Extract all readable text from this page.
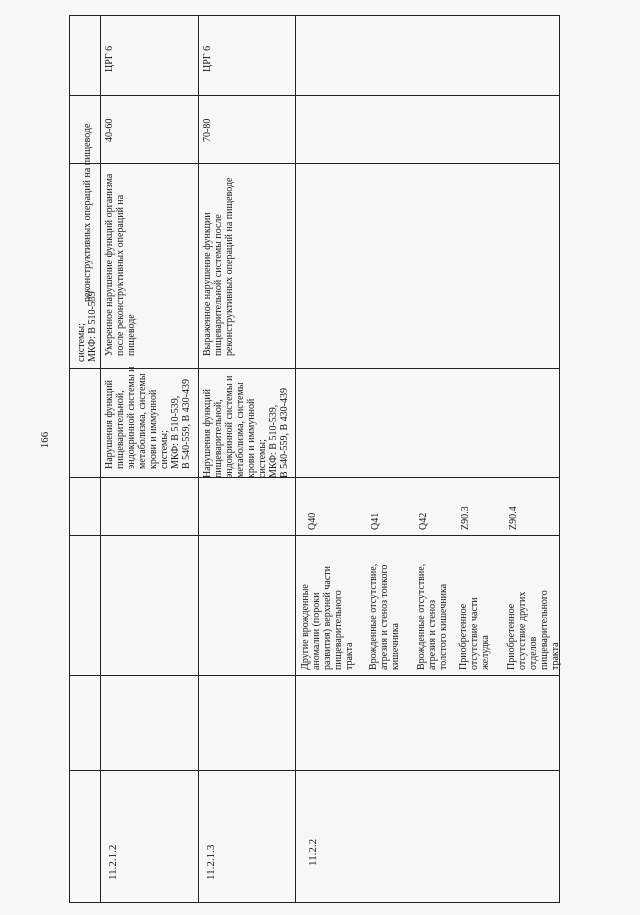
166
системы; МКФ: B 510-539
реконструктивных операций на пищеводе
11.2.1.2
Нарушения функций пищеварительной, эндокринной системы и метаболизма, системы крови и иммунной системы; МКФ: B 510-539, B 540-559, B 430-439
Умеренное нарушение функций организма после реконструктивных операций на пищеводе
40-60
ЦРГ 6
11.2.1.3
Нарушения функций пищеварительной, эндокринной системы и метаболизма, системы крови и иммунной системы; МКФ: B 510-539, B 540-559, B 430-439
Выраженное нарушение функции пищеварительной системы после реконструктивных операций на пищеводе
70-80
ЦРГ 6
11.2.2
Другие врожденные аномалии (пороки развития) верхней части пищеварительного тракта
Q40
Врожденные отсутствие, атрезия и стеноз тонкого кишечника
Q41
Врожденные отсутствие, атрезия и стеноз толстого кишечника
Q42
Приобретенное отсутствие части желудка
Z90.3
Приобретенное отсутствие других отделов пищеварительного тракта
Z90.4
